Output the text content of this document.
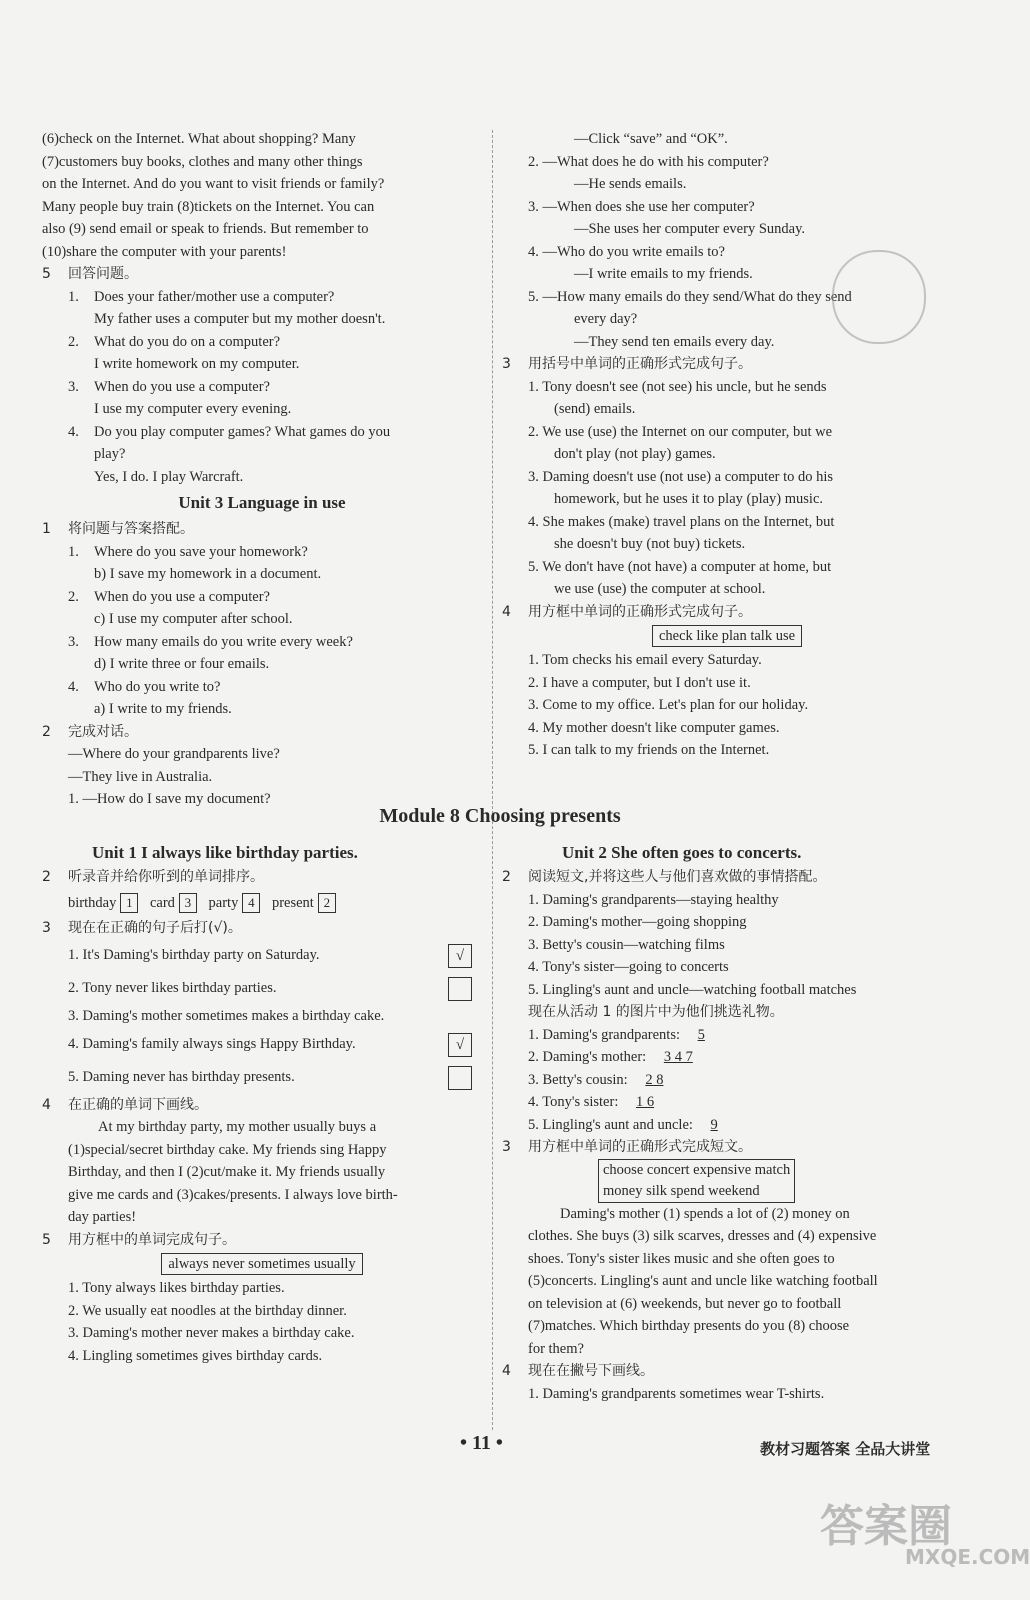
(6)check on the Internet. What about shopping? Many
(7)customers buy books, clothes and many other things
on the Internet. And do you want to visit friends or family?
Many people buy train (8)tickets on the Internet. You can
also (9) send email or speak to friends. But remember to
(10)share the computer with your parents!
5 回答问题。
1. Does your father/mother use a computer?
My father uses a computer but my mother doesn't.
2. What do you do on a computer?
I write homework on my computer.
3. When do you use a computer?
I use my computer every evening.
4. Do you play computer games? What games do you
play?
Yes, I do. I play Warcraft.
Unit 3 Language in use
1 将问题与答案搭配。
1. Where do you save your homework?
b) I save my homework in a document.
2. When do you use a computer?
c) I use my computer after school.
3. How many emails do you write every week?
d) I write three or four emails.
4. Who do you write to?
a) I write to my friends.
2 完成对话。
—Where do your grandparents live?
—They live in Australia.
1. —How do I save my document?
—Click “save” and “OK”.
2. —What does he do with his computer?
—He sends emails.
3. —When does she use her computer?
—She uses her computer every Sunday.
4. —Who do you write emails to?
—I write emails to my friends.
5. —How many emails do they send/What do they send
every day?
—They send ten emails every day.
3 用括号中单词的正确形式完成句子。
1. Tony doesn't see (not see) his uncle, but he sends
(send) emails.
2. We use (use) the Internet on our computer, but we
don't play (not play) games.
3. Daming doesn't use (not use) a computer to do his
homework, but he uses it to play (play) music.
4. She makes (make) travel plans on the Internet, but
she doesn't buy (not buy) tickets.
5. We don't have (not have) a computer at home, but
we use (use) the computer at school.
4 用方框中单词的正确形式完成句子。
check like plan talk use
1. Tom checks his email every Saturday.
2. I have a computer, but I don't use it.
3. Come to my office. Let's plan for our holiday.
4. My mother doesn't like computer games.
5. I can talk to my friends on the Internet.
Module 8 Choosing presents
Unit 1 I always like birthday parties.
2 听录音并给你听到的单词排序。
birthday 1 card 3 party 4 present 2
3 现在在正确的句子后打(√)。
1. It's Daming's birthday party on Saturday.	√
2. Tony never likes birthday parties.
3. Daming's mother sometimes makes a birthday cake.
4. Daming's family always sings Happy Birthday.	√
5. Daming never has birthday presents.
4 在正确的单词下画线。
At my birthday party, my mother usually buys a
(1)special/secret birthday cake. My friends sing Happy
Birthday, and then I (2)cut/make it. My friends usually
give me cards and (3)cakes/presents. I always love birth-
day parties!
5 用方框中的单词完成句子。
always never sometimes usually
1. Tony always likes birthday parties.
2. We usually eat noodles at the birthday dinner.
3. Daming's mother never makes a birthday cake.
4. Lingling sometimes gives birthday cards.
Unit 2 She often goes to concerts.
2 阅读短文,并将这些人与他们喜欢做的事情搭配。
1. Daming's grandparents—staying healthy
2. Daming's mother—going shopping
3. Betty's cousin—watching films
4. Tony's sister—going to concerts
5. Lingling's aunt and uncle—watching football matches
现在从活动 1 的图片中为他们挑选礼物。
1. Daming's grandparents: 5
2. Daming's mother: 3 4 7
3. Betty's cousin: 2 8
4. Tony's sister: 1 6
5. Lingling's aunt and uncle: 9
3 用方框中单词的正确形式完成短文。
choose concert expensive match
money silk spend weekend
Daming's mother (1) spends a lot of (2) money on
clothes. She buys (3) silk scarves, dresses and (4) expensive
shoes. Tony's sister likes music and she often goes to
(5)concerts. Lingling's aunt and uncle like watching football
on television at (6) weekends, but never go to football
(7)matches. Which birthday presents do you (8) choose
for them?
4 现在在撇号下画线。
1. Daming's grandparents sometimes wear T-shirts.
• 11 •	教材习题答案 全品大讲堂
答案圈
MXQE.COM
